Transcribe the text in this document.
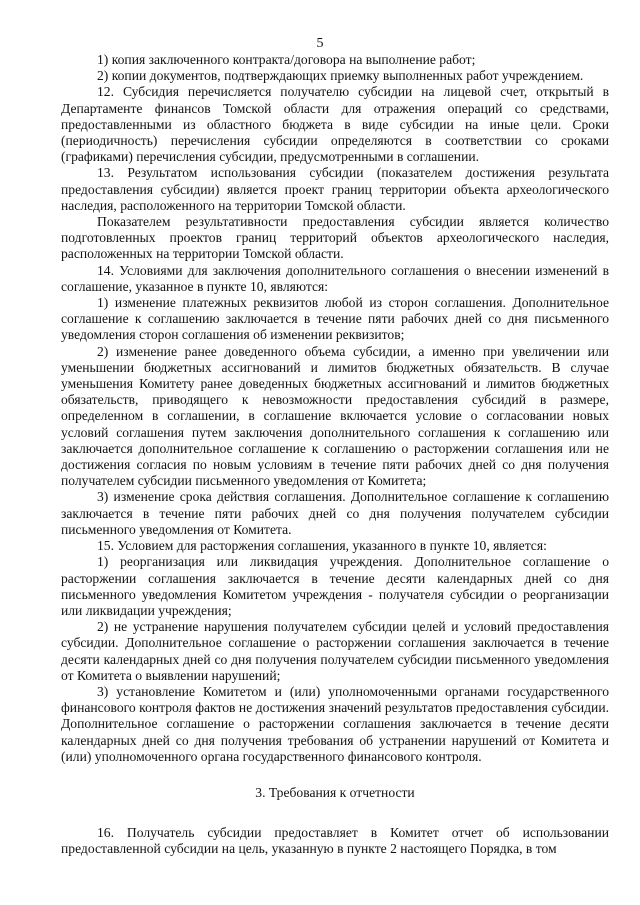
5

1) копия заключенного контракта/договора на выполнение работ;

2) копии документов, подтверждающих приемку выполненных работ учреждением.

12. Субсидия перечисляется получателю субсидии на лицевой счет, открытый в Департаменте финансов Томской области для отражения операций со средствами, предоставленными из областного бюджета в виде субсидии на иные цели. Сроки (периодичность) перечисления субсидии определяются в соответствии со сроками (графиками) перечисления субсидии, предусмотренными в соглашении.

13. Результатом использования субсидии (показателем достижения результата предоставления субсидии) является проект границ территории объекта археологического наследия, расположенного на территории Томской области.

Показателем результативности предоставления субсидии является количество подготовленных проектов границ территорий объектов археологического наследия, расположенных на территории Томской области.

14. Условиями для заключения дополнительного соглашения о внесении изменений в соглашение, указанное в пункте 10, являются:

1) изменение платежных реквизитов любой из сторон соглашения. Дополнительное соглашение к соглашению заключается в течение пяти рабочих дней со дня письменного уведомления сторон соглашения об изменении реквизитов;

2) изменение ранее доведенного объема субсидии, а именно при увеличении или уменьшении бюджетных ассигнований и лимитов бюджетных обязательств. В случае уменьшения Комитету ранее доведенных бюджетных ассигнований и лимитов бюджетных обязательств, приводящего к невозможности предоставления субсидий в размере, определенном в соглашении, в соглашение включается условие о согласовании новых условий соглашения путем заключения дополнительного соглашения к соглашению или заключается дополнительное соглашение к соглашению о расторжении соглашения или не достижения согласия по новым условиям в течение пяти рабочих дней со дня получения получателем субсидии письменного уведомления от Комитета;

3) изменение срока действия соглашения. Дополнительное соглашение к соглашению заключается в течение пяти рабочих дней со дня получения получателем субсидии письменного уведомления от Комитета.

15. Условием для расторжения соглашения, указанного в пункте 10, является:

1) реорганизация или ликвидация учреждения. Дополнительное соглашение о расторжении соглашения заключается в течение десяти календарных дней со дня письменного уведомления Комитетом учреждения - получателя субсидии о реорганизации или ликвидации учреждения;

2) не устранение нарушения получателем субсидии целей и условий предоставления субсидии. Дополнительное соглашение о расторжении соглашения заключается в течение десяти календарных дней со дня получения получателем субсидии письменного уведомления от Комитета о выявлении нарушений;

3) установление Комитетом и (или) уполномоченными органами государственного финансового контроля фактов не достижения значений результатов предоставления субсидии. Дополнительное соглашение о расторжении соглашения заключается в течение десяти календарных дней со дня получения требования об устранении нарушений от Комитета и (или) уполномоченного органа государственного финансового контроля.

3. Требования к отчетности

16. Получатель субсидии предоставляет в Комитет отчет об использовании предоставленной субсидии на цель, указанную в пункте 2 настоящего Порядка, в том
